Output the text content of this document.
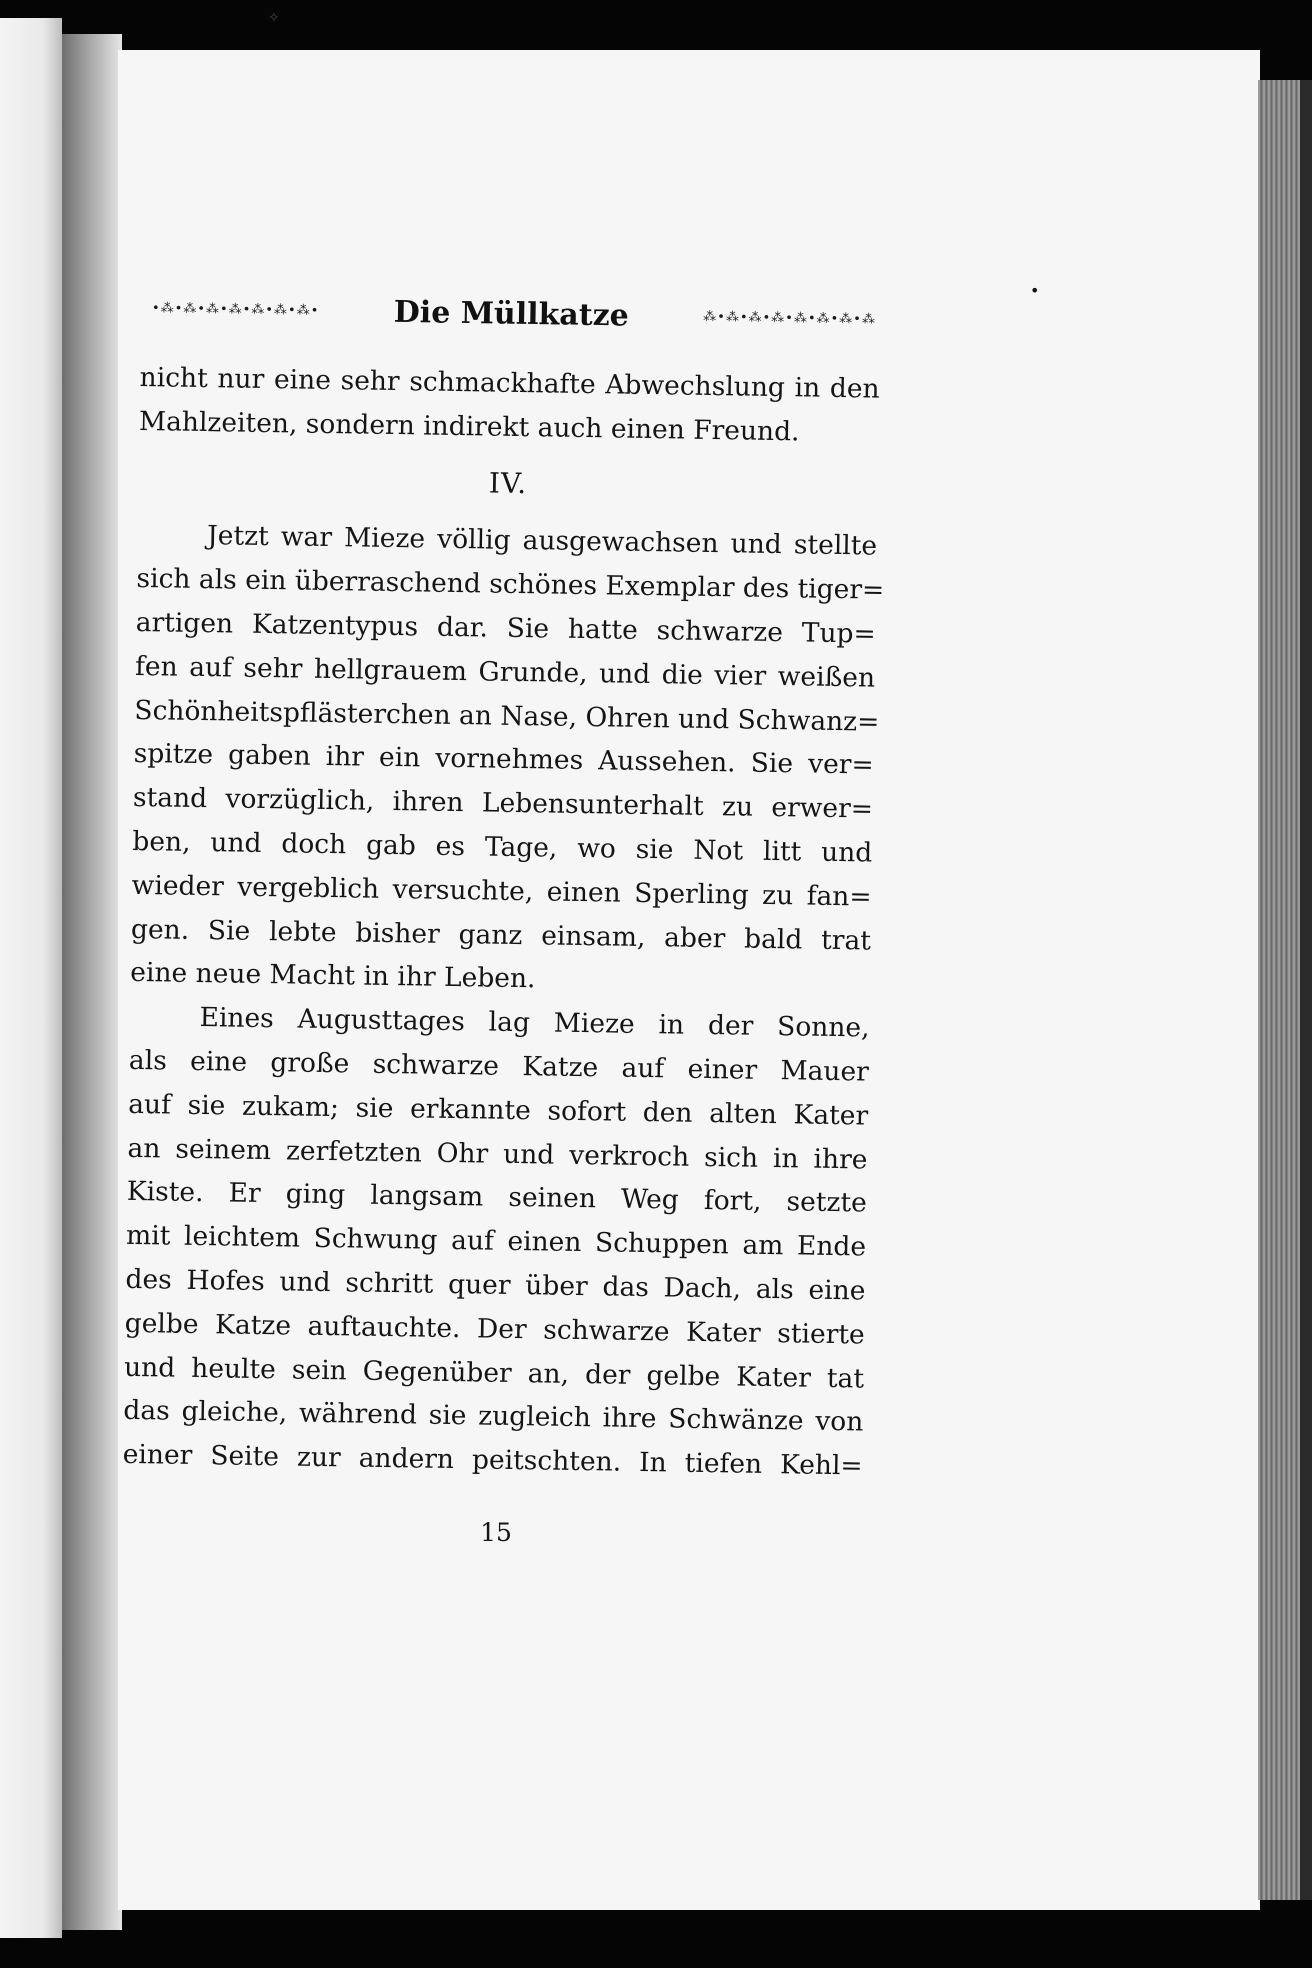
✧
•
•⁂•⁂•⁂•⁂•⁂•⁂•⁂•	Die Müllkatze	⁂•⁂•⁂•⁂•⁂•⁂•⁂•⁂
nicht nur eine sehr schmackhafte Abwechslung in den
Mahlzeiten, sondern indirekt auch einen Freund.
IV.
Jetzt war Mieze völlig ausgewachsen und stellte
sich als ein überraschend schönes Exemplar des tiger=
artigen Katzentypus dar. Sie hatte schwarze Tup=
fen auf sehr hellgrauem Grunde, und die vier weißen
Schönheitspflästerchen an Nase, Ohren und Schwanz=
spitze gaben ihr ein vornehmes Aussehen. Sie ver=
stand vorzüglich, ihren Lebensunterhalt zu erwer=
ben, und doch gab es Tage, wo sie Not litt und
wieder vergeblich versuchte, einen Sperling zu fan=
gen. Sie lebte bisher ganz einsam, aber bald trat
eine neue Macht in ihr Leben.
Eines Augusttages lag Mieze in der Sonne,
als eine große schwarze Katze auf einer Mauer
auf sie zukam; sie erkannte sofort den alten Kater
an seinem zerfetzten Ohr und verkroch sich in ihre
Kiste. Er ging langsam seinen Weg fort, setzte
mit leichtem Schwung auf einen Schuppen am Ende
des Hofes und schritt quer über das Dach, als eine
gelbe Katze auftauchte. Der schwarze Kater stierte
und heulte sein Gegenüber an, der gelbe Kater tat
das gleiche, während sie zugleich ihre Schwänze von
einer Seite zur andern peitschten. In tiefen Kehl=
15
